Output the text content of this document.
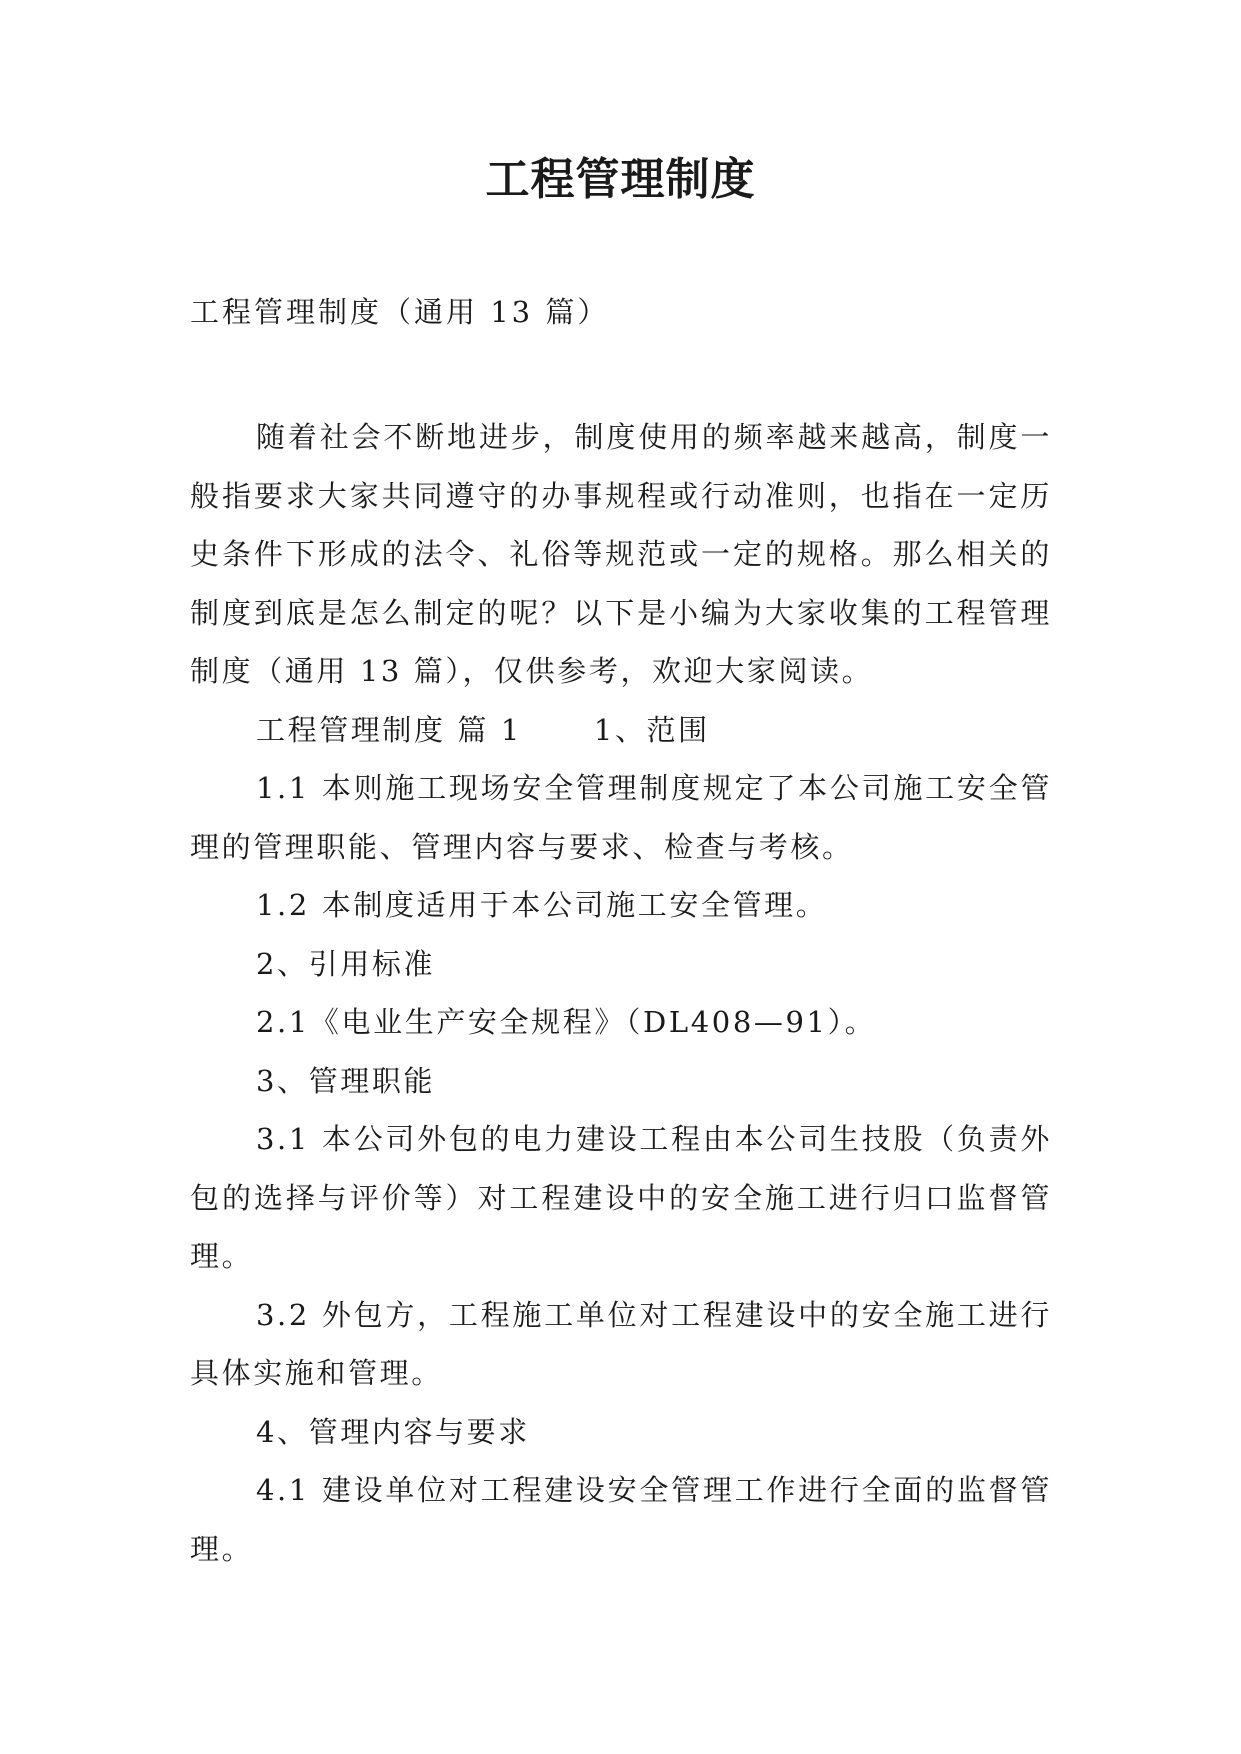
工程管理制度
工程管理制度（通用 13 篇）

随着社会不断地进步，制度使用的频率越来越高，制度一般指要求大家共同遵守的办事规程或行动准则，也指在一定历史条件下形成的法令、礼俗等规范或一定的规格。那么相关的制度到底是怎么制定的呢？以下是小编为大家收集的工程管理制度（通用 13 篇），仅供参考，欢迎大家阅读。

工程管理制度 篇 1 1、范围

1.1 本则施工现场安全管理制度规定了本公司施工安全管理的管理职能、管理内容与要求、检查与考核。

1.2 本制度适用于本公司施工安全管理。

2、引用标准

2.1《电业生产安全规程》（DL408—91）。

3、管理职能

3.1 本公司外包的电力建设工程由本公司生技股（负责外包的选择与评价等）对工程建设中的安全施工进行归口监督管理。

3.2 外包方，工程施工单位对工程建设中的安全施工进行具体实施和管理。

4、管理内容与要求

4.1 建设单位对工程建设安全管理工作进行全面的监督管理。
